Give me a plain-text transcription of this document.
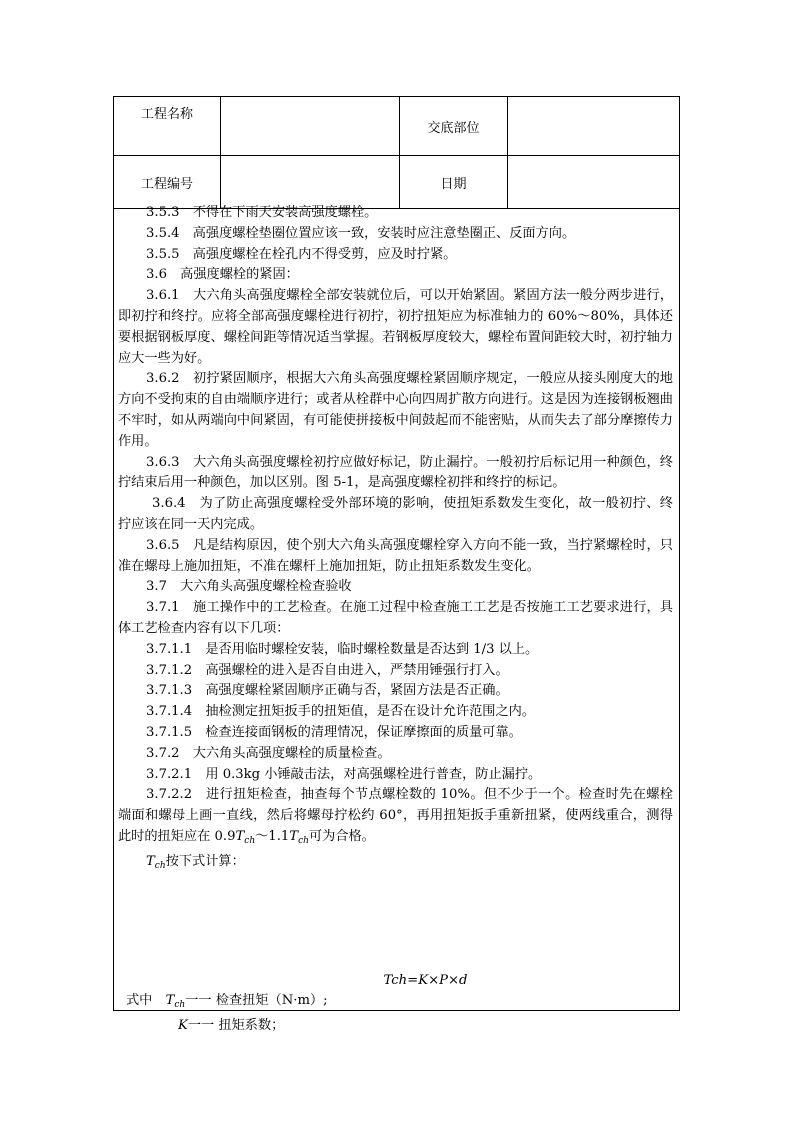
工程名称		交底部位	
工程编号		日期	

3.5.3　不得在下雨天安装高强度螺栓。

3.5.4　高强度螺栓垫圈位置应该一致，安装时应注意垫圈正、反面方向。

3.5.5　高强度螺栓在栓孔内不得受剪，应及时拧紧。

3.6　高强度螺栓的紧固：

3.6.1　大六角头高强度螺栓全部安装就位后，可以开始紧固。紧固方法一般分两步进行，即初拧和终拧。应将全部高强度螺栓进行初拧，初拧扭矩应为标准轴力的 60%～80%，具体还要根据钢板厚度、螺栓间距等情况适当掌握。若钢板厚度较大，螺栓布置间距较大时，初拧轴力应大一些为好。

3.6.2　初拧紧固顺序，根据大六角头高强度螺栓紧固顺序规定，一般应从接头刚度大的地方向不受拘束的自由端顺序进行；或者从栓群中心向四周扩散方向进行。这是因为连接钢板翘曲不牢时，如从两端向中间紧固，有可能使拼接板中间鼓起而不能密贴，从而失去了部分摩擦传力作用。

3.6.3　大六角头高强度螺栓初拧应做好标记，防止漏拧。一般初拧后标记用一种颜色，终拧结束后用一种颜色，加以区别。图 5-1，是高强度螺栓初拌和终拧的标记。

3.6.4　为了防止高强度螺栓受外部环境的影响，使扭矩系数发生变化，故一般初拧、终拧应该在同一天内完成。

3.6.5　凡是结构原因，使个别大六角头高强度螺栓穿入方向不能一致，当拧紧螺栓时，只准在螺母上施加扭矩，不准在螺杆上施加扭矩，防止扭矩系数发生变化。

3.7　大六角头高强度螺栓检查验收

3.7.1　施工操作中的工艺检查。在施工过程中检查施工工艺是否按施工工艺要求进行，具体工艺检查内容有以下几项：

3.7.1.1　是否用临时螺栓安装，临时螺栓数量是否达到 1/3 以上。

3.7.1.2　高强螺栓的进入是否自由进入，严禁用锤强行打入。

3.7.1.3　高强度螺栓紧固顺序正确与否，紧固方法是否正确。

3.7.1.4　抽检测定扭矩扳手的扭矩值，是否在设计允许范围之内。

3.7.1.5　检查连接面钢板的清理情况，保证摩擦面的质量可靠。

3.7.2　大六角头高强度螺栓的质量检查。

3.7.2.1　用 0.3kg 小锤敲击法，对高强螺栓进行普查，防止漏拧。

3.7.2.2　进行扭矩检查，抽查每个节点螺栓数的 10%。但不少于一个。检查时先在螺栓端面和螺母上画一直线，然后将螺母拧松约 60°，再用扭矩扳手重新扭紧，使两线重合，测得此时的扭矩应在 $0.9T_{ch}\sim 1.1T_{ch}$可为合格。

$T_{ch}$按下式计算：

Tch=K×P×d

式中　 $T_{ch}$一一 检查扭矩（N·m）;

K一一 扭矩系数；
